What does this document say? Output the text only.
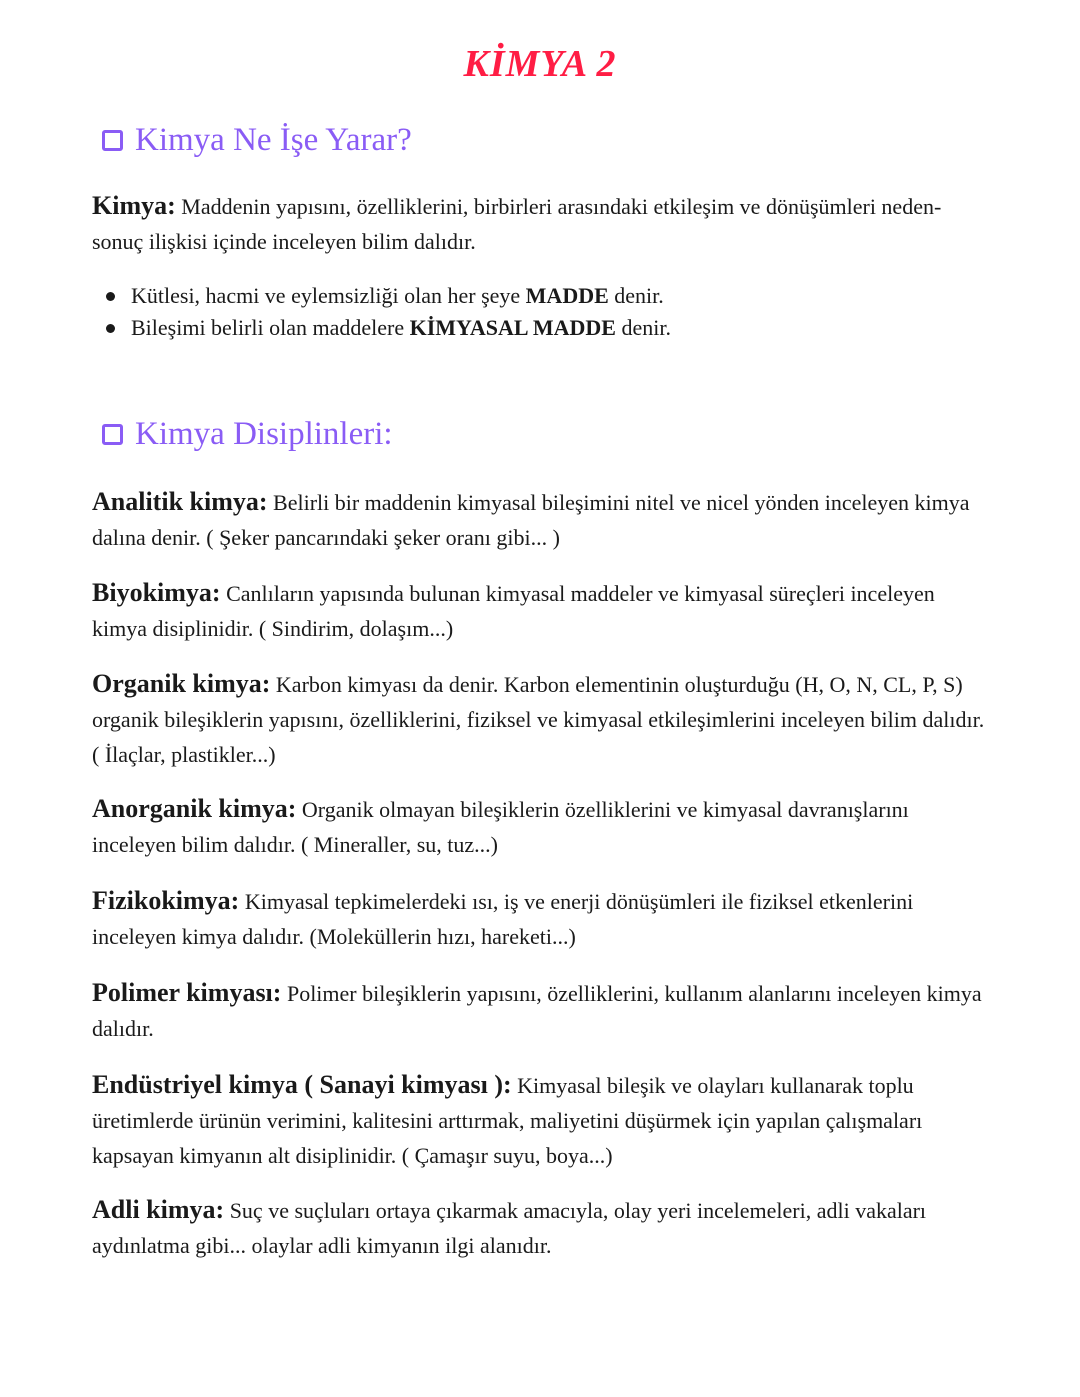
KİMYA 2
Kimya Ne İşe Yarar?

Kimya: Maddenin yapısını, özelliklerini, birbirleri arasındaki etkileşim ve dönüşümleri neden-sonuç ilişkisi içinde inceleyen bilim dalıdır.

Kütlesi, hacmi ve eylemsizliği olan her şeye MADDE denir.
Bileşimi belirli olan maddelere KİMYASAL MADDE denir.
Kimya Disiplinleri:

Analitik kimya: Belirli bir maddenin kimyasal bileşimini nitel ve nicel yönden inceleyen kimya dalına denir. ( Şeker pancarındaki şeker oranı gibi... )

Biyokimya: Canlıların yapısında bulunan kimyasal maddeler ve kimyasal süreçleri inceleyen kimya disiplinidir. ( Sindirim, dolaşım...)

Organik kimya: Karbon kimyası da denir. Karbon elementinin oluşturduğu (H, O, N, CL, P, S) organik bileşiklerin yapısını, özelliklerini, fiziksel ve kimyasal etkileşimlerini inceleyen bilim dalıdır. ( İlaçlar, plastikler...)

Anorganik kimya: Organik olmayan bileşiklerin özelliklerini ve kimyasal davranışlarını inceleyen bilim dalıdır. ( Mineraller, su, tuz...)

Fizikokimya: Kimyasal tepkimelerdeki ısı, iş ve enerji dönüşümleri ile fiziksel etkenlerini inceleyen kimya dalıdır. (Moleküllerin hızı, hareketi...)

Polimer kimyası: Polimer bileşiklerin yapısını, özelliklerini, kullanım alanlarını inceleyen kimya dalıdır.

Endüstriyel kimya ( Sanayi kimyası ): Kimyasal bileşik ve olayları kullanarak toplu üretimlerde ürünün verimini, kalitesini arttırmak, maliyetini düşürmek için yapılan çalışmaları kapsayan kimyanın alt disiplinidir. ( Çamaşır suyu, boya...)

Adli kimya: Suç ve suçluları ortaya çıkarmak amacıyla, olay yeri incelemeleri, adli vakaları aydınlatma gibi... olaylar adli kimyanın ilgi alanıdır.
